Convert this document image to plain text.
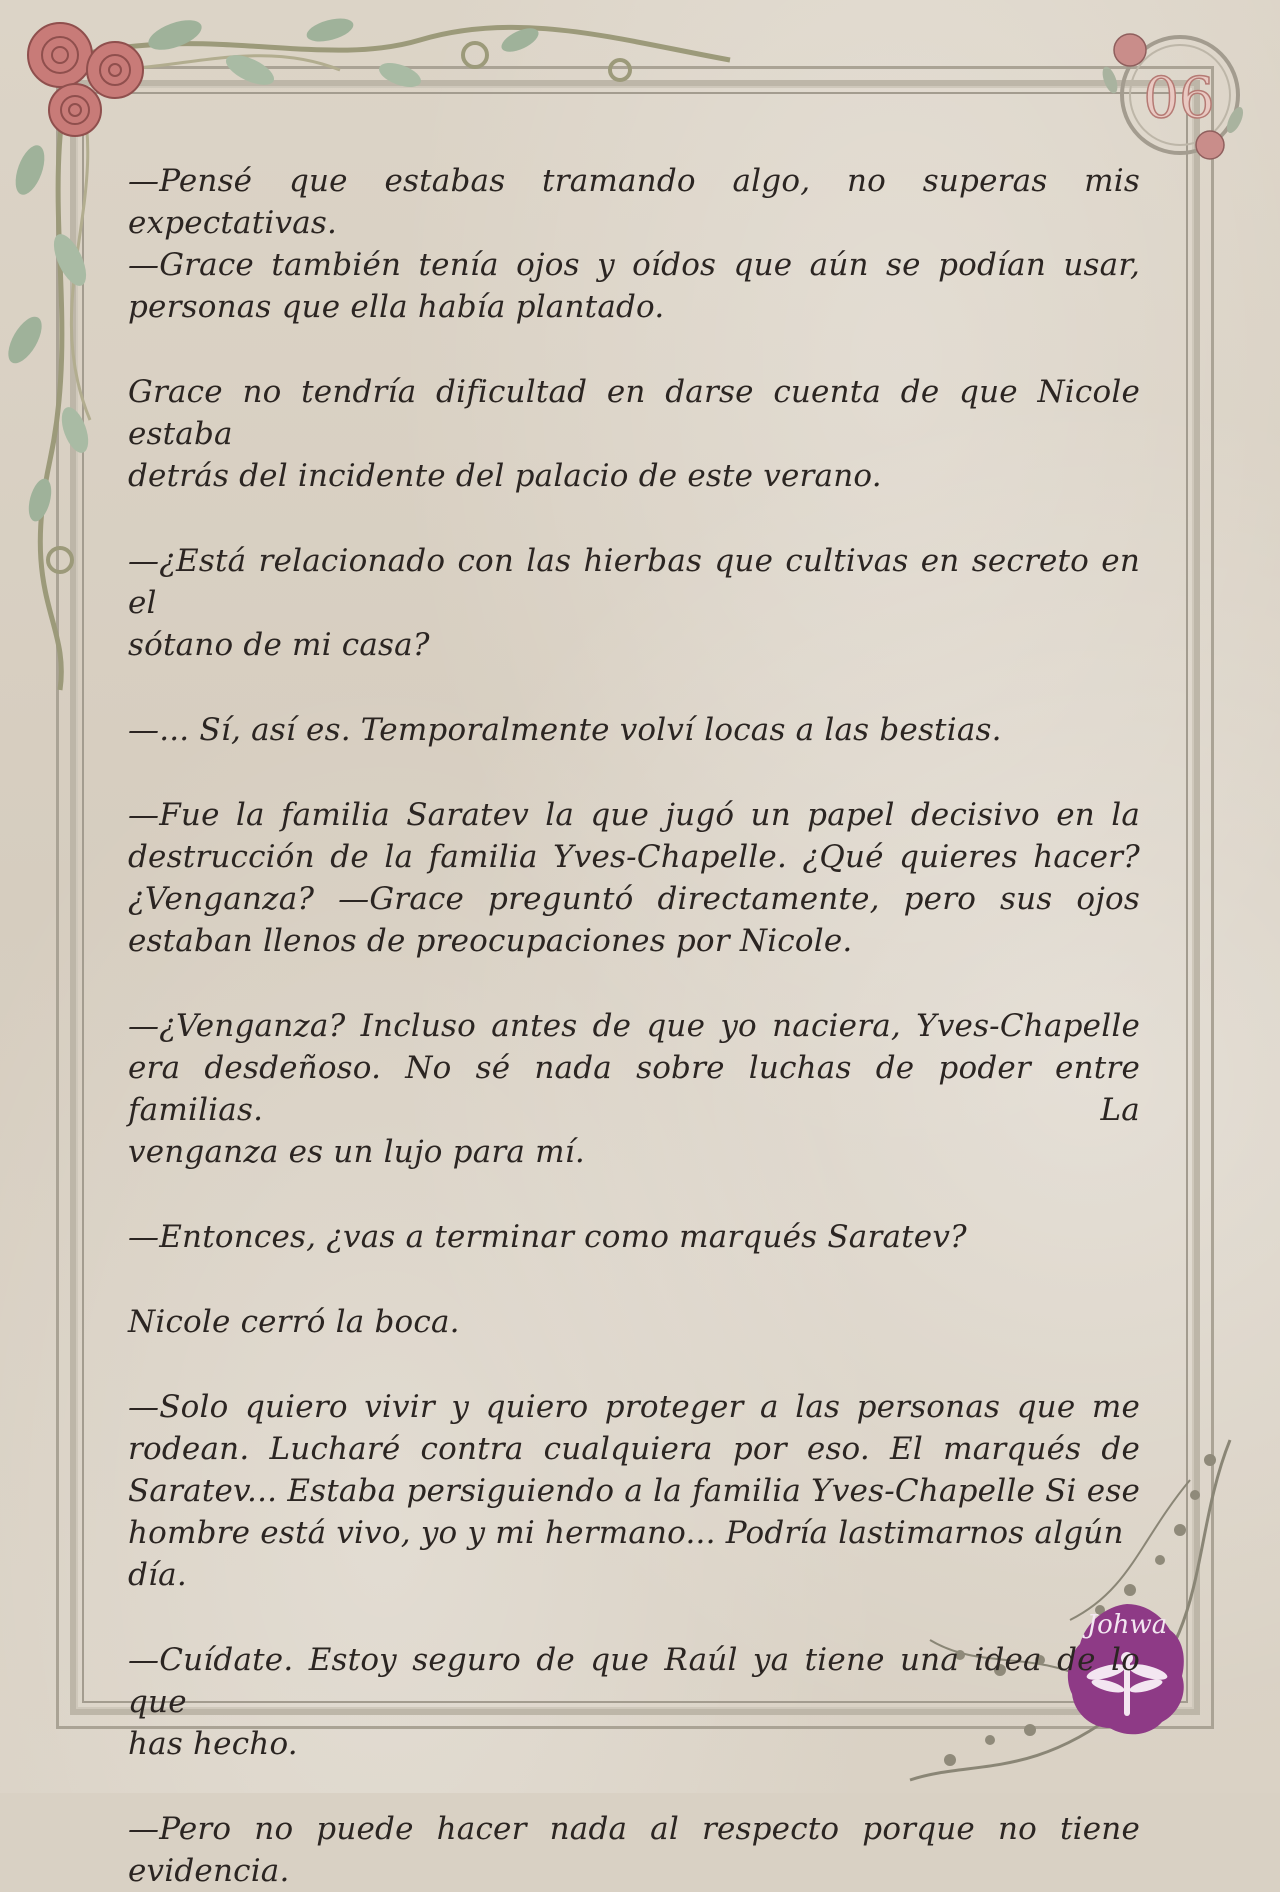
06
Johwa

—Pensé que estabas tramando algo, no superas mis expectativas.
—Grace también tenía ojos y oídos que aún se podían usar,
personas que ella había plantado.

Grace no tendría dificultad en darse cuenta de que Nicole estaba
detrás del incidente del palacio de este verano.

—¿Está relacionado con las hierbas que cultivas en secreto en el
sótano de mi casa?

—... Sí, así es. Temporalmente volví locas a las bestias.

—Fue la familia Saratev la que jugó un papel decisivo en la
destrucción de la familia Yves-Chapelle. ¿Qué quieres hacer?
¿Venganza? —Grace preguntó directamente, pero sus ojos
estaban llenos de preocupaciones por Nicole.

—¿Venganza? Incluso antes de que yo naciera, Yves-Chapelle
era desdeñoso. No sé nada sobre luchas de poder entre familias. La
venganza es un lujo para mí.

—Entonces, ¿vas a terminar como marqués Saratev?

Nicole cerró la boca.

—Solo quiero vivir y quiero proteger a las personas que me
rodean. Lucharé contra cualquiera por eso. El marqués de
Saratev... Estaba persiguiendo a la familia Yves-Chapelle Si ese
hombre está vivo, yo y mi hermano... Podría lastimarnos algún día.

—Cuídate. Estoy seguro de que Raúl ya tiene una idea de lo que
has hecho.

—Pero no puede hacer nada al respecto porque no tiene
evidencia.
